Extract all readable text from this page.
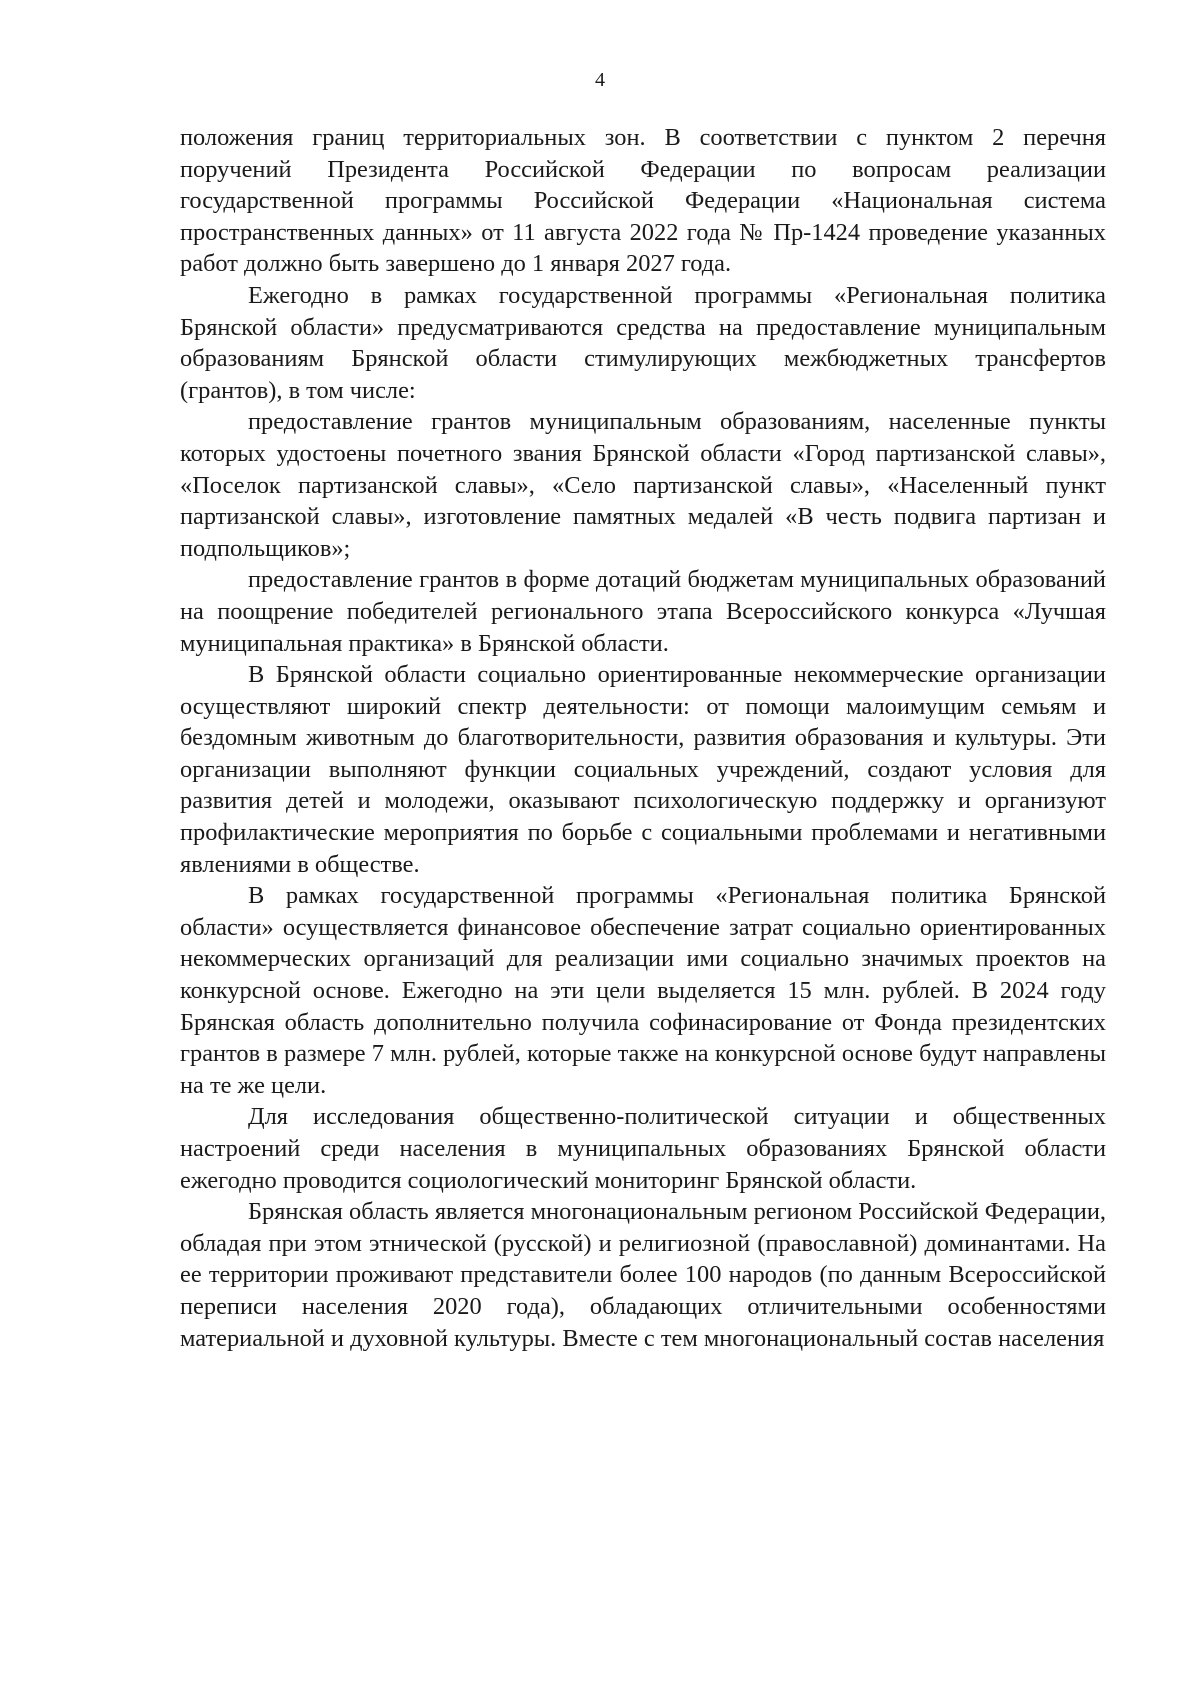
4

положения границ территориальных зон. В соответствии с пунктом 2 перечня поручений Президента Российской Федерации по вопросам реализации государственной программы Российской Федерации «Национальная система пространственных данных» от 11 августа 2022 года № Пр-1424 проведение указанных работ должно быть завершено до 1 января 2027 года.

Ежегодно в рамках государственной программы «Региональная политика Брянской области» предусматриваются средства на предоставление муниципальным образованиям Брянской области стимулирующих межбюджетных трансфертов (грантов), в том числе:

предоставление грантов муниципальным образованиям, населенные пункты которых удостоены почетного звания Брянской области «Город партизанской славы», «Поселок партизанской славы», «Село партизанской славы», «Населенный пункт партизанской славы», изготовление памятных медалей «В честь подвига партизан и подпольщиков»;

предоставление грантов в форме дотаций бюджетам муниципальных образований на поощрение победителей регионального этапа Всероссийского конкурса «Лучшая муниципальная практика» в Брянской области.

В Брянской области социально ориентированные некоммерческие организации осуществляют широкий спектр деятельности: от помощи малоимущим семьям и бездомным животным до благотворительности, развития образования и культуры. Эти организации выполняют функции социальных учреждений, создают условия для развития детей и молодежи, оказывают психологическую поддержку и организуют профилактические мероприятия по борьбе с социальными проблемами и негативными явлениями в обществе.

В рамках государственной программы «Региональная политика Брянской области» осуществляется финансовое обеспечение затрат социально ориентированных некоммерческих организаций для реализации ими социально значимых проектов на конкурсной основе. Ежегодно на эти цели выделяется 15 млн. рублей. В 2024 году Брянская область дополнительно получила софинасирование от Фонда президентских грантов в размере 7 млн. рублей, которые также на конкурсной основе будут направлены на те же цели.

Для исследования общественно-политической ситуации и общественных настроений среди населения в муниципальных образованиях Брянской области ежегодно проводится социологический мониторинг Брянской области.

Брянская область является многонациональным регионом Российской Федерации, обладая при этом этнической (русской) и религиозной (православной) доминантами. На ее территории проживают представители более 100 народов (по данным Всероссийской переписи населения 2020 года), обладающих отличительными особенностями материальной и духовной культуры. Вместе с тем многонациональный состав населения
